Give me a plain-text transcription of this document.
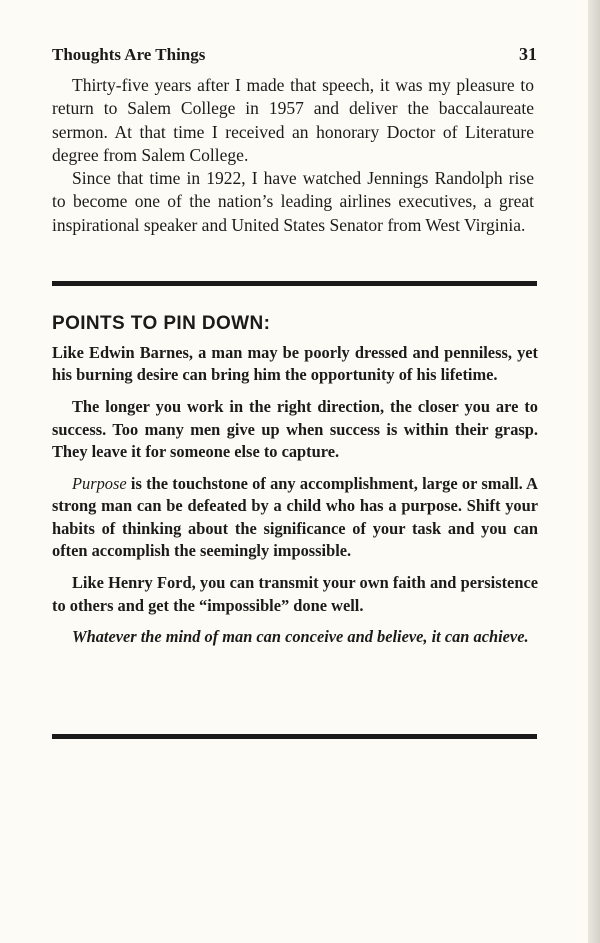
Thoughts Are Things	31

Thirty-five years after I made that speech, it was my pleasure to return to Salem College in 1957 and deliver the baccalaureate sermon. At that time I received an honorary Doctor of Literature degree from Salem College.

Since that time in 1922, I have watched Jennings Randolph rise to become one of the nation’s leading airlines executives, a great inspirational speaker and United States Senator from West Virginia.

POINTS TO PIN DOWN:

Like Edwin Barnes, a man may be poorly dressed and penniless, yet his burning desire can bring him the opportunity of his lifetime.

The longer you work in the right direction, the closer you are to success. Too many men give up when success is within their grasp. They leave it for someone else to capture.

Purpose is the touchstone of any accomplishment, large or small. A strong man can be defeated by a child who has a purpose. Shift your habits of thinking about the significance of your task and you can often accomplish the seemingly impossible.

Like Henry Ford, you can transmit your own faith and persistence to others and get the “impossible” done well.

Whatever the mind of man can conceive and believe, it can achieve.
